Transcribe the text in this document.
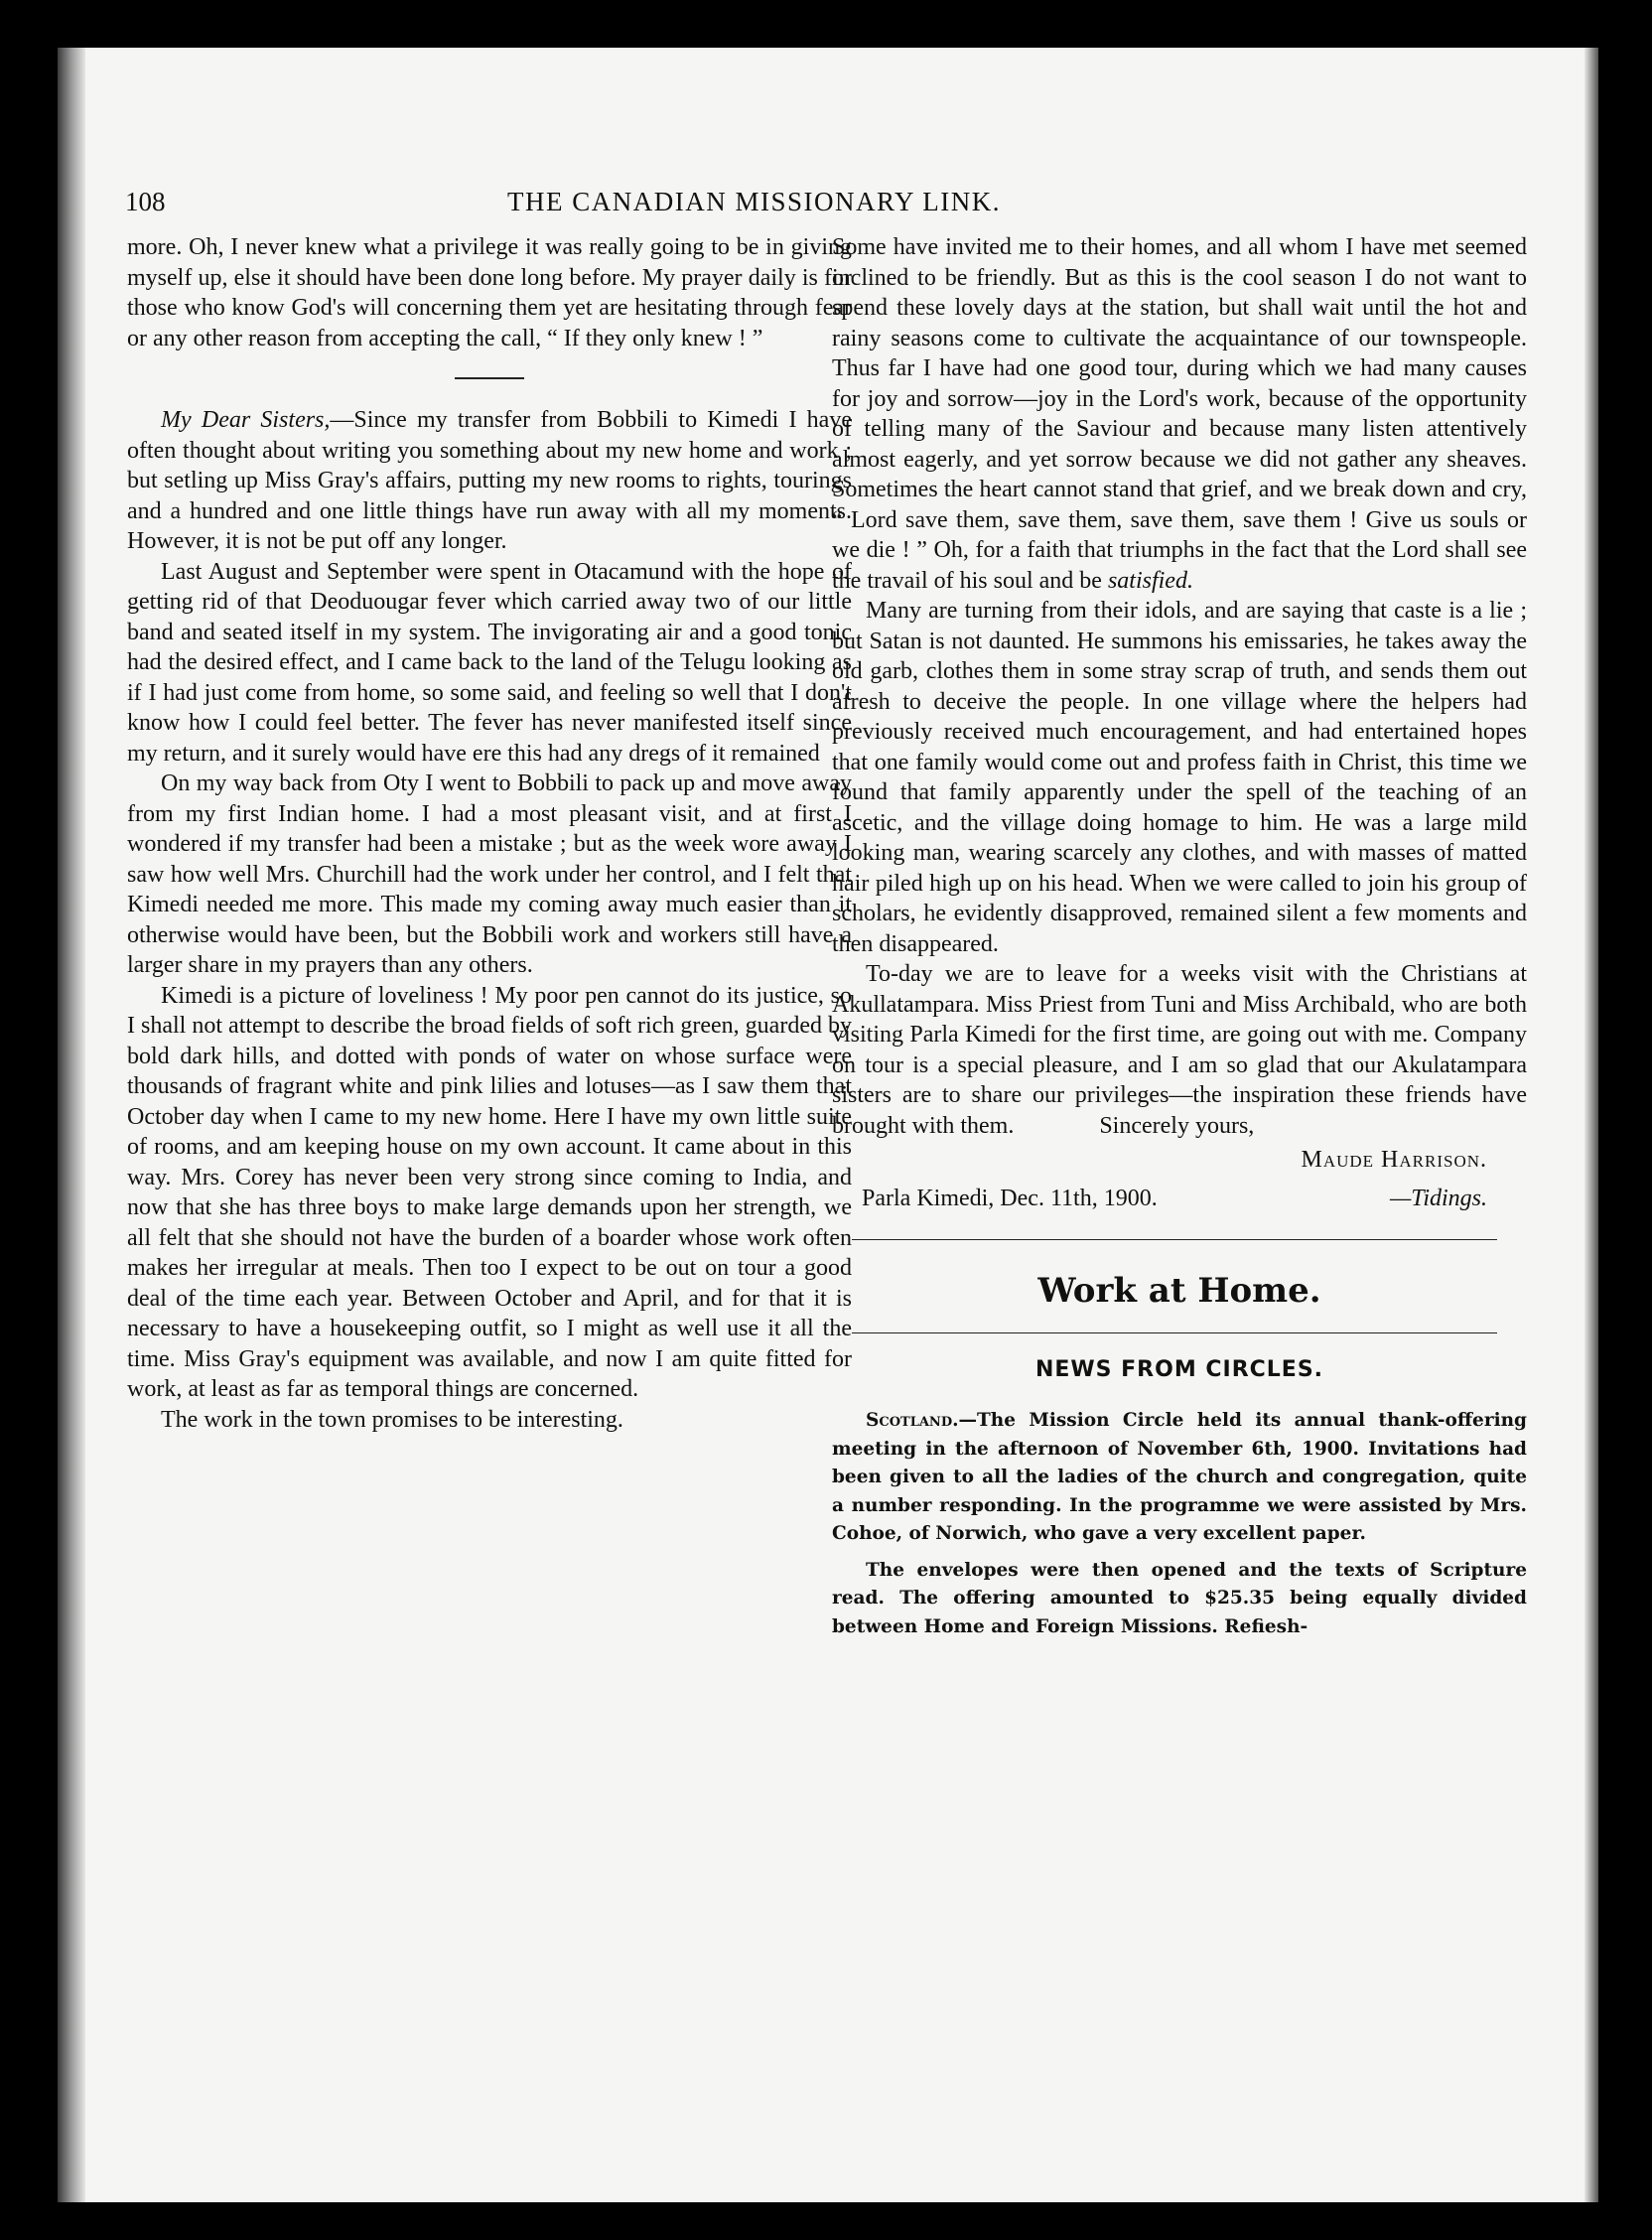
108	THE CANADIAN MISSIONARY LINK.

more. Oh, I never knew what a privilege it was really going to be in giving myself up, else it should have been done long before. My prayer daily is for those who know God's will concerning them yet are hesitating through fear or any other reason from accepting the call, “ If they only knew ! ”

My Dear Sisters,—Since my transfer from Bobbili to Kimedi I have often thought about writing you something about my new home and work ; but setling up Miss Gray's affairs, putting my new rooms to rights, tourings and a hundred and one little things have run away with all my moments. However, it is not be put off any longer.

Last August and September were spent in Otacamund with the hope of getting rid of that Deoduougar fever which carried away two of our little band and seated itself in my system. The invigorating air and a good tonic had the desired effect, and I came back to the land of the Telugu looking as if I had just come from home, so some said, and feeling so well that I don't know how I could feel better. The fever has never manifested itself since my return, and it surely would have ere this had any dregs of it remained

On my way back from Oty I went to Bobbili to pack up and move away from my first Indian home. I had a most pleasant visit, and at first I wondered if my transfer had been a mistake ; but as the week wore away I saw how well Mrs. Churchill had the work under her control, and I felt that Kimedi needed me more. This made my coming away much easier than it otherwise would have been, but the Bobbili work and workers still have a larger share in my prayers than any others.

Kimedi is a picture of loveliness ! My poor pen cannot do its justice, so I shall not attempt to describe the broad fields of soft rich green, guarded by bold dark hills, and dotted with ponds of water on whose surface were thousands of fragrant white and pink lilies and lotuses—as I saw them that October day when I came to my new home. Here I have my own little suite of rooms, and am keeping house on my own account. It came about in this way. Mrs. Corey has never been very strong since coming to India, and now that she has three boys to make large demands upon her strength, we all felt that she should not have the burden of a boarder whose work often makes her irregular at meals. Then too I expect to be out on tour a good deal of the time each year. Between October and April, and for that it is necessary to have a housekeeping outfit, so I might as well use it all the time. Miss Gray's equipment was available, and now I am quite fitted for work, at least as far as temporal things are concerned.

The work in the town promises to be interesting.

Some have invited me to their homes, and all whom I have met seemed inclined to be friendly. But as this is the cool season I do not want to spend these lovely days at the station, but shall wait until the hot and rainy seasons come to cultivate the acquaintance of our townspeople. Thus far I have had one good tour, during which we had many causes for joy and sorrow—joy in the Lord's work, because of the opportunity of telling many of the Saviour and because many listen attentively almost eagerly, and yet sorrow because we did not gather any sheaves. Sometimes the heart cannot stand that grief, and we break down and cry, “ Lord save them, save them, save them, save them ! Give us souls or we die ! ” Oh, for a faith that triumphs in the fact that the Lord shall see the travail of his soul and be satisfied.

Many are turning from their idols, and are saying that caste is a lie ; but Satan is not daunted. He summons his emissaries, he takes away the old garb, clothes them in some stray scrap of truth, and sends them out afresh to deceive the people. In one village where the helpers had previously received much encouragement, and had entertained hopes that one family would come out and profess faith in Christ, this time we found that family apparently under the spell of the teaching of an ascetic, and the village doing homage to him. He was a large mild looking man, wearing scarcely any clothes, and with masses of matted hair piled high up on his head. When we were called to join his group of scholars, he evidently disapproved, remained silent a few moments and then disappeared.

To-day we are to leave for a weeks visit with the Christians at Akullatampara. Miss Priest from Tuni and Miss Archibald, who are both visiting Parla Kimedi for the first time, are going out with me. Company on tour is a special pleasure, and I am so glad that our Akulatampara sisters are to share our privileges—the inspiration these friends have brought with them.	Sincerely yours,

Maude Harrison.
Parla Kimedi, Dec. 11th, 1900.	—Tidings.
Work at Home.
NEWS FROM CIRCLES.

Scotland.—The Mission Circle held its annual thank-offering meeting in the afternoon of November 6th, 1900. Invitations had been given to all the ladies of the church and congregation, quite a number responding. In the programme we were assisted by Mrs. Cohoe, of Norwich, who gave a very excellent paper.

The envelopes were then opened and the texts of Scripture read. The offering amounted to $25.35 being equally divided between Home and Foreign Missions. Refiesh-
